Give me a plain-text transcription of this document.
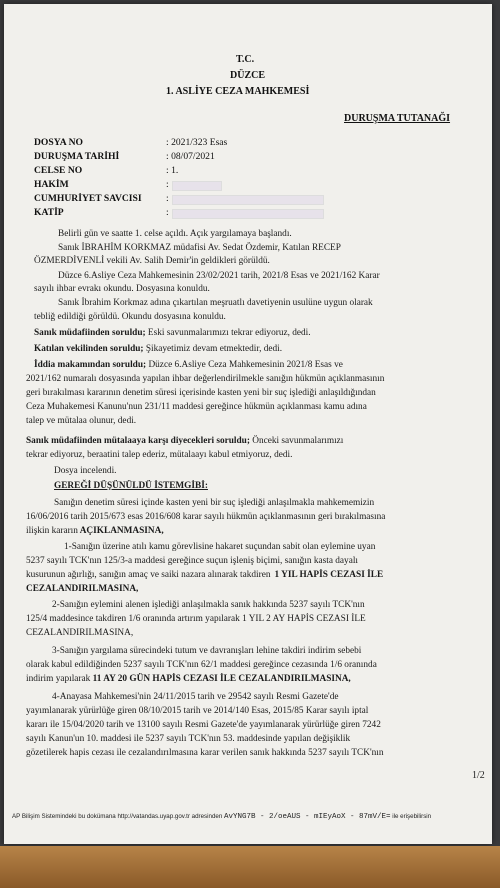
T.C.
DÜZCE
1. ASLİYE CEZA MAHKEMESİ
DURUŞMA TUTANAĞI
DOSYA NO	: 2021/323 Esas
DURUŞMA TARİHİ	: 08/07/2021
CELSE NO	: 1.
HAKİM	:
CUMHURİYET SAVCISI	:
KATİP	:
Belirli gün ve saatte 1. celse açıldı. Açık yargılamaya başlandı.
Sanık İBRAHİM KORKMAZ müdafisi Av. Sedat Özdemir, Katılan RECEP
ÖZMERDİVENLİ vekili Av. Salih Demir'in geldikleri görüldü.
Düzce 6.Asliye Ceza Mahkemesinin 23/02/2021 tarih, 2021/8 Esas ve 2021/162 Karar
sayılı ihbar evrakı okundu. Dosyasına konuldu.
Sanık İbrahim Korkmaz adına çıkartılan meşruatlı davetiyenin usulüne uygun olarak
tebliğ edildiği görüldü. Okundu dosyasına konuldu.
Sanık müdafiinden soruldu; Eski savunmalarımızı tekrar ediyoruz, dedi.
Katılan vekilinden soruldu; Şikayetimiz devam etmektedir, dedi.
İddia makamından soruldu; Düzce 6.Asliye Ceza Mahkemesinin 2021/8 Esas ve
2021/162 numaralı dosyasında yapılan ihbar değerlendirilmekle sanığın hükmün açıklanmasının
geri bırakılması kararının denetim süresi içerisinde kasten yeni bir suç işlediği anlaşıldığından
Ceza Muhakemesi Kanunu'nun 231/11 maddesi gereğince hükmün açıklanması kamu adına
talep ve mütalaa olunur, dedi.
Sanık müdafiinden mütalaaya karşı diyecekleri soruldu; Önceki savunmalarımızı
tekrar ediyoruz, beraatini talep ederiz, mütalaayı kabul etmiyoruz, dedi.
Dosya incelendi.
GEREĞİ DÜŞÜNÜLDÜ İSTEMGİBİ:
Sanığın denetim süresi içinde kasten yeni bir suç işlediği anlaşılmakla mahkememizin
16/06/2016 tarih 2015/673 esas 2016/608 karar sayılı hükmün açıklanmasının geri bırakılmasına
ilişkin kararın AÇIKLANMASINA,
1-Sanığın üzerine atılı kamu görevlisine hakaret suçundan sabit olan eylemine uyan
5237 sayılı TCK'nın 125/3-a maddesi gereğince suçun işleniş biçimi, sanığın kasta dayalı
kusurunun ağırlığı, sanığın amaç ve saiki nazara alınarak takdiren 1 YIL HAPİS CEZASI İLE
CEZALANDIRILMASINA,
2-Sanığın eylemini alenen işlediği anlaşılmakla sanık hakkında 5237 sayılı TCK'nın
125/4 maddesince takdiren 1/6 oranında artırım yapılarak 1 YIL 2 AY HAPİS CEZASI İLE
CEZALANDIRILMASINA,
3-Sanığın yargılama sürecindeki tutum ve davranışları lehine takdiri indirim sebebi
olarak kabul edildiğinden 5237 sayılı TCK'nın 62/1 maddesi gereğince cezasında 1/6 oranında
indirim yapılarak 11 AY 20 GÜN HAPİS CEZASI İLE CEZALANDIRILMASINA,
4-Anayasa Mahkemesi'nin 24/11/2015 tarih ve 29542 sayılı Resmi Gazete'de
yayımlanarak yürürlüğe giren 08/10/2015 tarih ve 2014/140 Esas, 2015/85 Karar sayılı iptal
kararı ile 15/04/2020 tarih ve 13100 sayılı Resmi Gazete'de yayımlanarak yürürlüğe giren 7242
sayılı Kanun'un 10. maddesi ile 5237 sayılı TCK'nın 53. maddesinde yapılan değişiklik
gözetilerek hapis cezası ile cezalandırılmasına karar verilen sanık hakkında 5237 sayılı TCK'nın
1/2
AP Bilişim Sistemindeki bu dokümana http://vatandas.uyap.gov.tr adresinden AvYNG7B - 2/oeAUS - mIEyAoX - 87mV/E= ile erişebilirsin
